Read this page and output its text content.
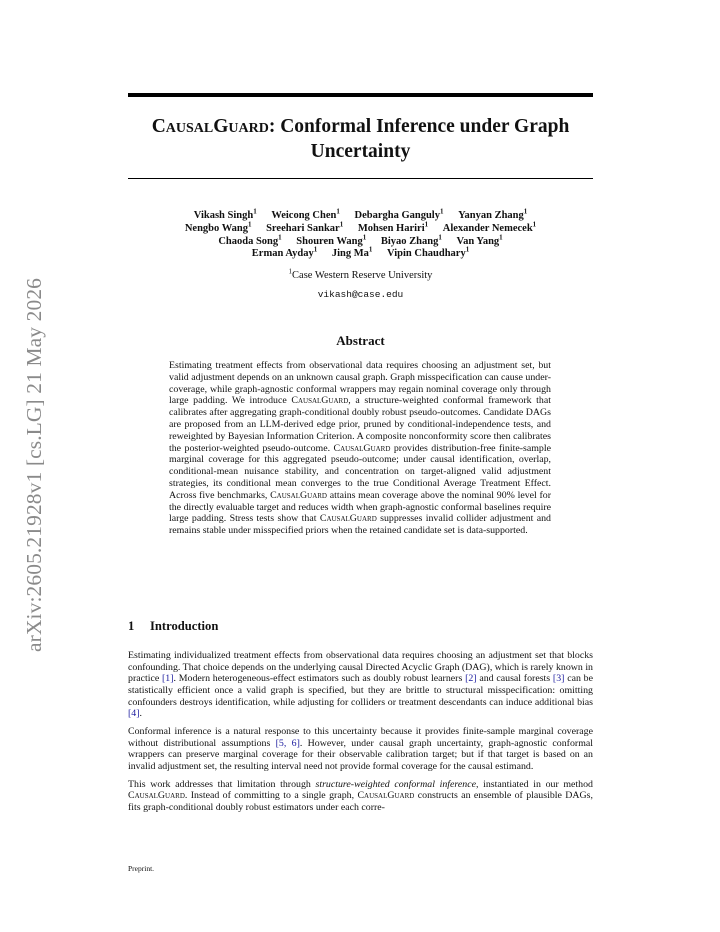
arXiv:2605.21928v1 [cs.LG] 21 May 2026
CausalGuard: Conformal Inference under Graph Uncertainty
Vikash Singh$^1$ Weicong Chen$^1$ Debargha Ganguly$^1$ Yanyan Zhang$^1$
Nengbo Wang$^1$ Sreehari Sankar$^1$ Mohsen Hariri$^1$ Alexander Nemecek$^1$
Chaoda Song$^1$ Shouren Wang$^1$ Biyao Zhang$^1$ Van Yang$^1$
Erman Ayday$^1$ Jing Ma$^1$ Vipin Chaudhary$^1$
$^1$Case Western Reserve University
vikash@case.edu
Abstract
Estimating treatment effects from observational data requires choosing an adjustment set, but valid adjustment depends on an unknown causal graph. Graph misspecification can cause under-coverage, while graph-agnostic conformal wrappers may regain nominal coverage only through large padding. We introduce CausalGuard, a structure-weighted conformal framework that calibrates after aggregating graph-conditional doubly robust pseudo-outcomes. Candidate DAGs are proposed from an LLM-derived edge prior, pruned by conditional-independence tests, and reweighted by Bayesian Information Criterion. A composite nonconformity score then calibrates the posterior-weighted pseudo-outcome. CausalGuard provides distribution-free finite-sample marginal coverage for this aggregated pseudo-outcome; under causal identification, overlap, conditional-mean nuisance stability, and concentration on target-aligned valid adjustment strategies, its conditional mean converges to the true Conditional Average Treatment Effect. Across five benchmarks, CausalGuard attains mean coverage above the nominal 90% level for the directly evaluable target and reduces width when graph-agnostic conformal baselines require large padding. Stress tests show that CausalGuard suppresses invalid collider adjustment and remains stable under misspecified priors when the retained candidate set is data-supported.
1 Introduction

Estimating individualized treatment effects from observational data requires choosing an adjustment set that blocks confounding. That choice depends on the underlying causal Directed Acyclic Graph (DAG), which is rarely known in practice [1]. Modern heterogeneous-effect estimators such as doubly robust learners [2] and causal forests [3] can be statistically efficient once a valid graph is specified, but they are brittle to structural misspecification: omitting confounders destroys identification, while adjusting for colliders or treatment descendants can induce additional bias [4].

Conformal inference is a natural response to this uncertainty because it provides finite-sample marginal coverage without distributional assumptions [5, 6]. However, under causal graph uncertainty, graph-agnostic conformal wrappers can preserve marginal coverage for their observable calibration target; but if that target is based on an invalid adjustment set, the resulting interval need not provide formal coverage for the causal estimand.

This work addresses that limitation through structure-weighted conformal inference, instantiated in our method CausalGuard. Instead of committing to a single graph, CausalGuard constructs an ensemble of plausible DAGs, fits graph-conditional doubly robust estimators under each corre-

Preprint.
